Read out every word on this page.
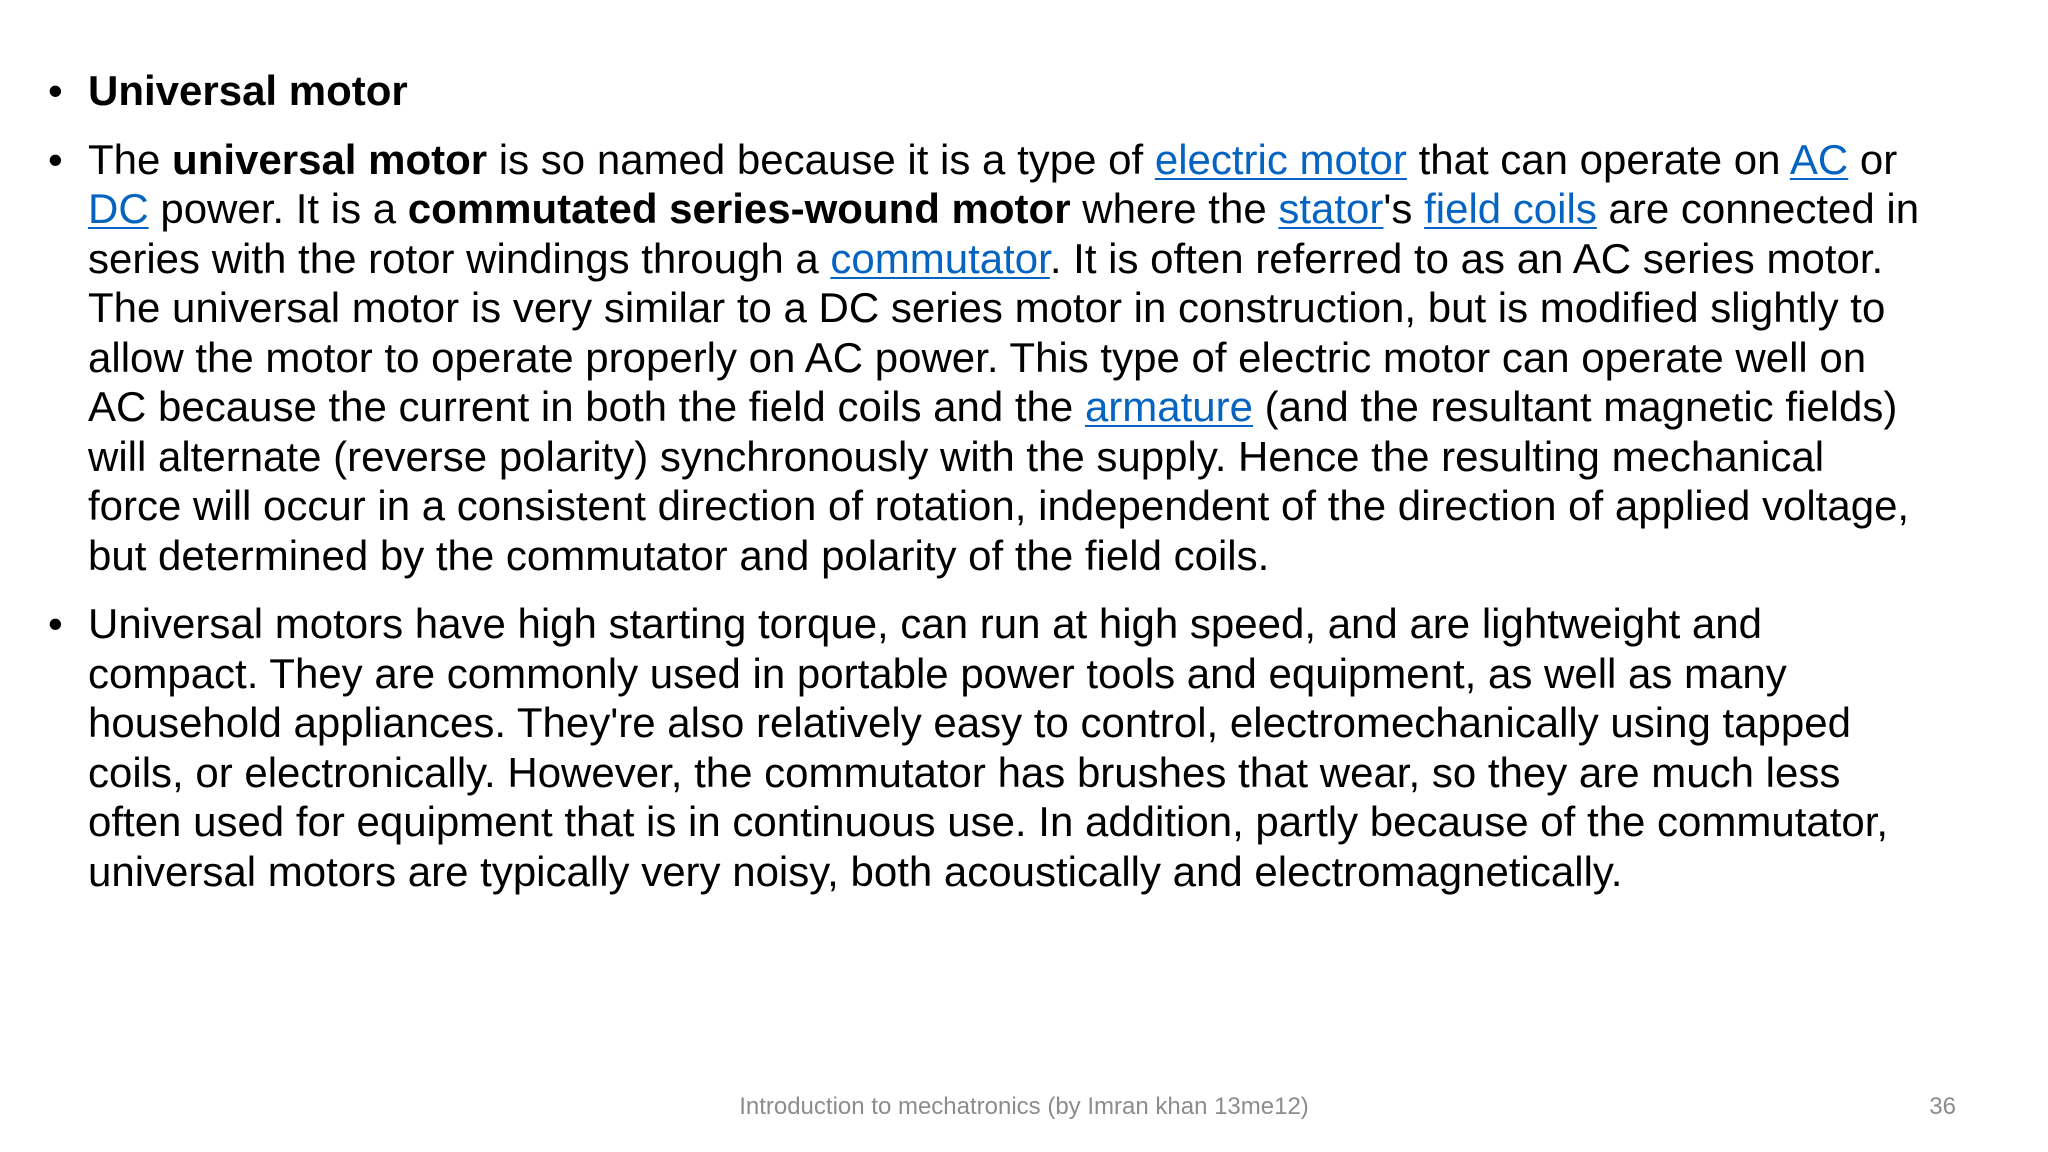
• Universal motor
• The universal motor is so named because it is a type of electric motor that can operate on AC or DC power. It is a commutated series-wound motor where the stator's field coils are connected in series with the rotor windings through a commutator. It is often referred to as an AC series motor. The universal motor is very similar to a DC series motor in construction, but is modified slightly to allow the motor to operate properly on AC power. This type of electric motor can operate well on AC because the current in both the field coils and the armature (and the resultant magnetic fields) will alternate (reverse polarity) synchronously with the supply. Hence the resulting mechanical force will occur in a consistent direction of rotation, independent of the direction of applied voltage, but determined by the commutator and polarity of the field coils.
• Universal motors have high starting torque, can run at high speed, and are lightweight and compact. They are commonly used in portable power tools and equipment, as well as many household appliances. They're also relatively easy to control, electromechanically using tapped coils, or electronically. However, the commutator has brushes that wear, so they are much less often used for equipment that is in continuous use. In addition, partly because of the commutator, universal motors are typically very noisy, both acoustically and electromagnetically.
Introduction to mechatronics (by Imran khan 13me12)	36
